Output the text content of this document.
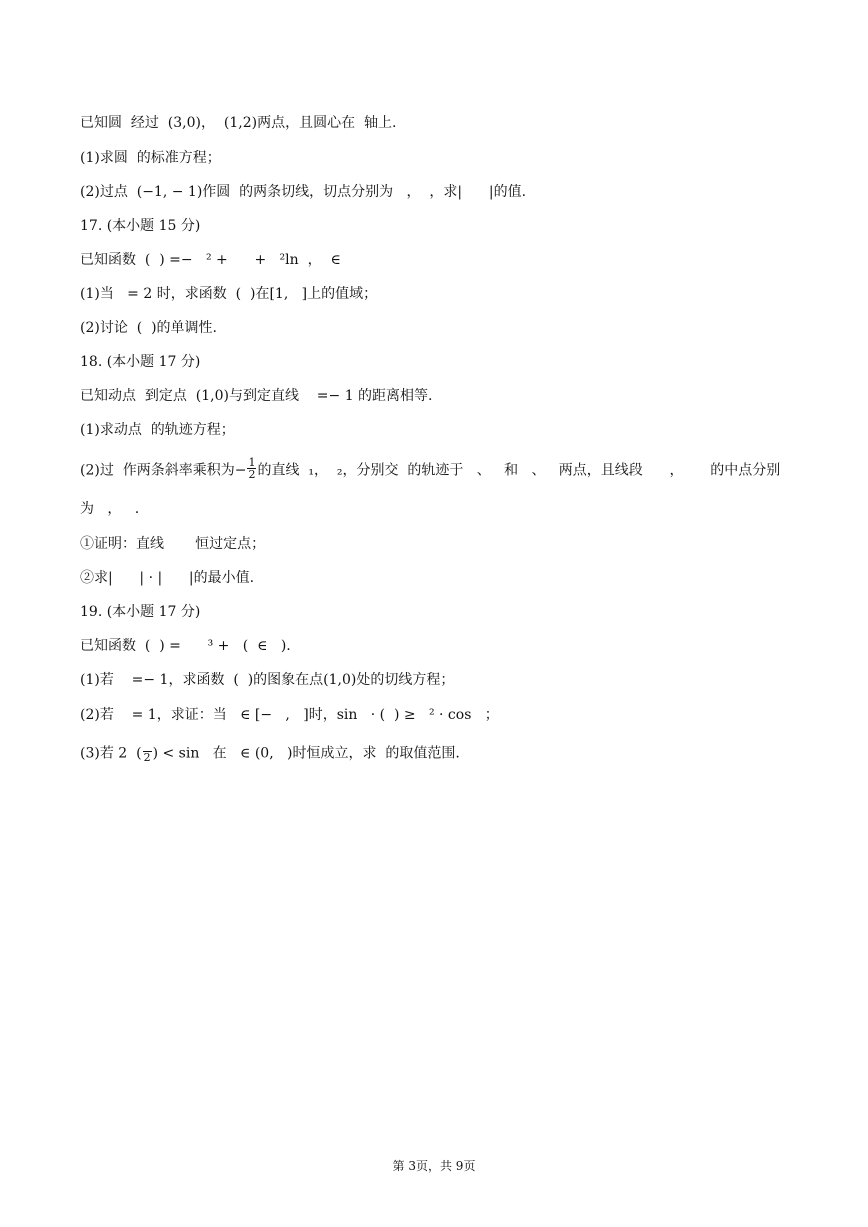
已知圆  经过  (3,0)，  (1,2)两点，且圆心在  轴上.
(1)求圆  的标准方程；
(2)过点  (−1, − 1)作圆  的两条切线，切点分别为   ，  ，求|      |的值.
17. (本小题 15 分)
已知函数  (  ) =−   ² +      +   ²ln  ，  ∈
(1)当   = 2 时，求函数  (  )在[1,   ]上的值域；
(2)讨论  (  )的单调性.
18. (本小题 17 分)
已知动点  到定点  (1,0)与到定直线    =− 1 的距离相等.
(1)求动点  的轨迹方程；
(2)过  作两条斜率乘积为− $\frac{1}{2}$ 的直线  ₁，  ₂，分别交  的轨迹于   、   和   、   两点，且线段      ，      的中点分别
为   ，   .
①证明：直线       恒过定点；
②求|      | · |      |的最小值.
19. (本小题 17 分)
已知函数  (  ) =      ³ +   (  ∈   ).
(1)若    =− 1，求函数  (  )的图象在点(1,0)处的切线方程；
(2)若    = 1，求证：当   ∈ [−   ,   ]时，sin   · (  ) ≥   ² · cos   ；
(3)若 2  ( 2 ) < sin   在   ∈ (0,   )时恒成立，求  的取值范围.
第 3页，共 9页
